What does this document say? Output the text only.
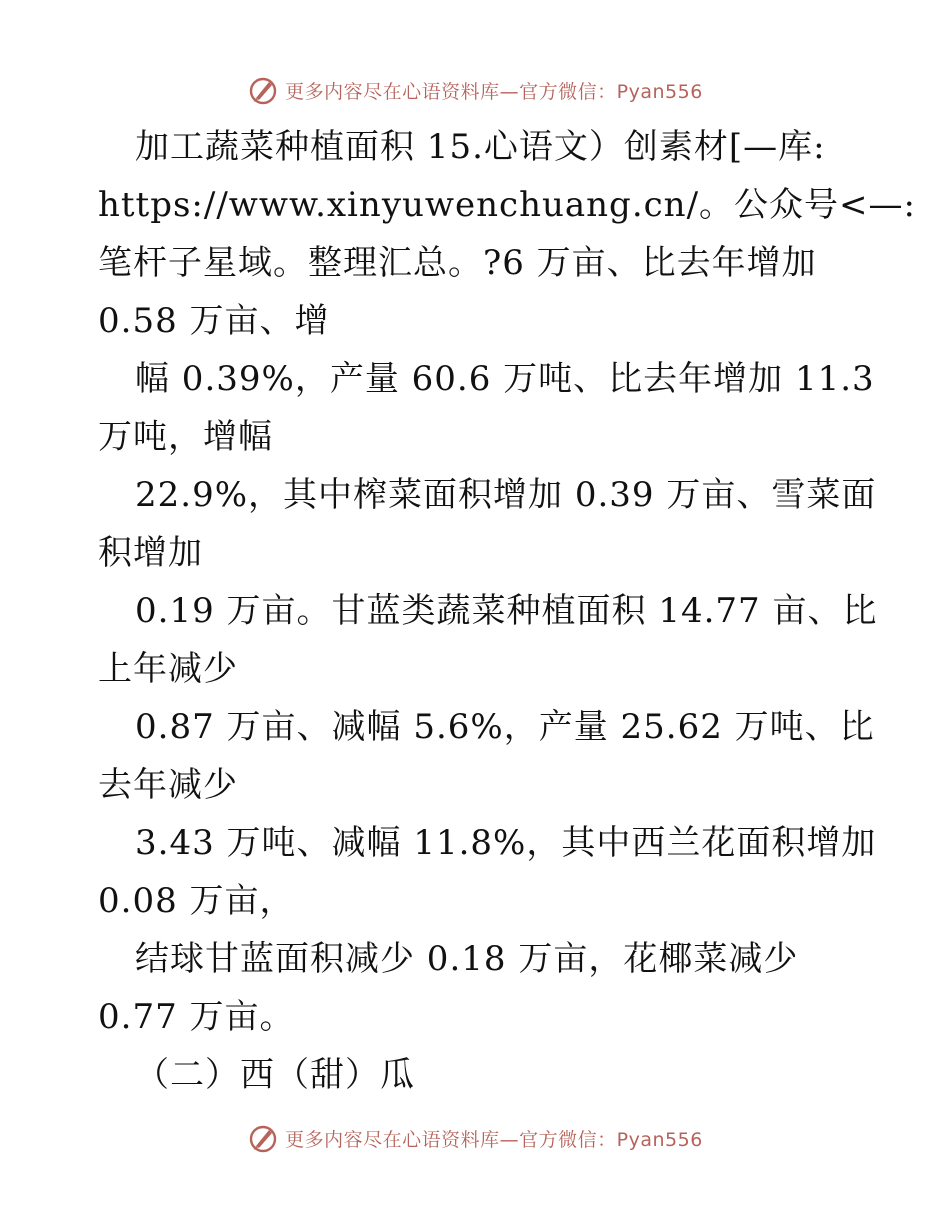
更多内容尽在心语资料库—官方微信：Pyan556
加工蔬菜种植面积 15.心语文）创素材[—库:
https://www.xinyuwenchuang.cn/。公众号<—:
笔杆子星域。整理汇总。?6 万亩、比去年增加
0.58 万亩、增
幅 0.39%，产量 60.6 万吨、比去年增加 11.3
万吨，增幅
22.9%，其中榨菜面积增加 0.39 万亩、雪菜面
积增加
0.19 万亩。甘蓝类蔬菜种植面积 14.77 亩、比
上年减少
0.87 万亩、减幅 5.6%，产量 25.62 万吨、比
去年减少
3.43 万吨、减幅 11.8%，其中西兰花面积增加
0.08 万亩，
结球甘蓝面积减少 0.18 万亩，花椰菜减少
0.77 万亩。
（二）西（甜）瓜
更多内容尽在心语资料库—官方微信：Pyan556
